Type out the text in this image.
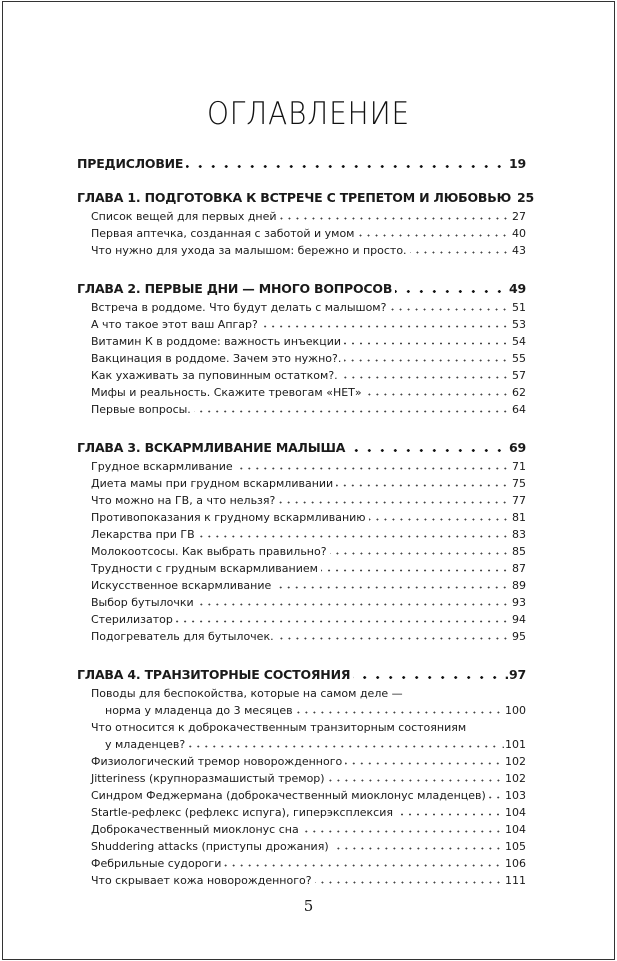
ОГЛАВЛЕНИЕ
ПРЕДИСЛОВИЕ	19
ГЛАВА 1. ПОДГОТОВКА К ВСТРЕЧЕ С ТРЕПЕТОМ И ЛЮБОВЬЮ 25
Список вещей для первых дней	27
Первая аптечка, созданная с заботой и умом	40
Что нужно для ухода за малышом: бережно и просто.	43
ГЛАВА 2. ПЕРВЫЕ ДНИ — МНОГО ВОПРОСОВ	49
Встреча в роддоме. Что будут делать с малышом?	51
А что такое этот ваш Апгар?	53
Витамин К в роддоме: важность инъекции	54
Вакцинация в роддоме. Зачем это нужно?.	55
Как ухаживать за пуповинным остатком?.	57
Мифы и реальность. Скажите тревогам «НЕТ»	62
Первые вопросы.	64
ГЛАВА 3. ВСКАРМЛИВАНИЕ МАЛЫША	69
Грудное вскармливание	71
Диета мамы при грудном вскармливании	75
Что можно на ГВ, а что нельзя?	77
Противопоказания к грудному вскармливанию	81
Лекарства при ГВ	83
Молокоотсосы. Как выбрать правильно?	85
Трудности с грудным вскармливанием	87
Искусственное вскармливание	89
Выбор бутылочки	93
Стерилизатор	94
Подогреватель для бутылочек.	95
ГЛАВА 4. ТРАНЗИТОРНЫЕ СОСТОЯНИЯ	.97
Поводы для беспокойства, которые на самом деле —
норма у младенца до 3 месяцев	100
Что относится к доброкачественным транзиторным состояниям
у младенцев?	.101
Физиологический тремор новорожденного	102
Jitteriness (крупноразмашистый тремор)	102
Синдром Феджермана (доброкачественный миоклонус младенцев) 103
Startle-рефлекс (рефлекс испуга), гиперэксплексия	104
Доброкачественный миоклонус сна	104
Shuddering attacks (приступы дрожания)	105
Фебрильные судороги	106
Что скрывает кожа новорожденного?	111
5
